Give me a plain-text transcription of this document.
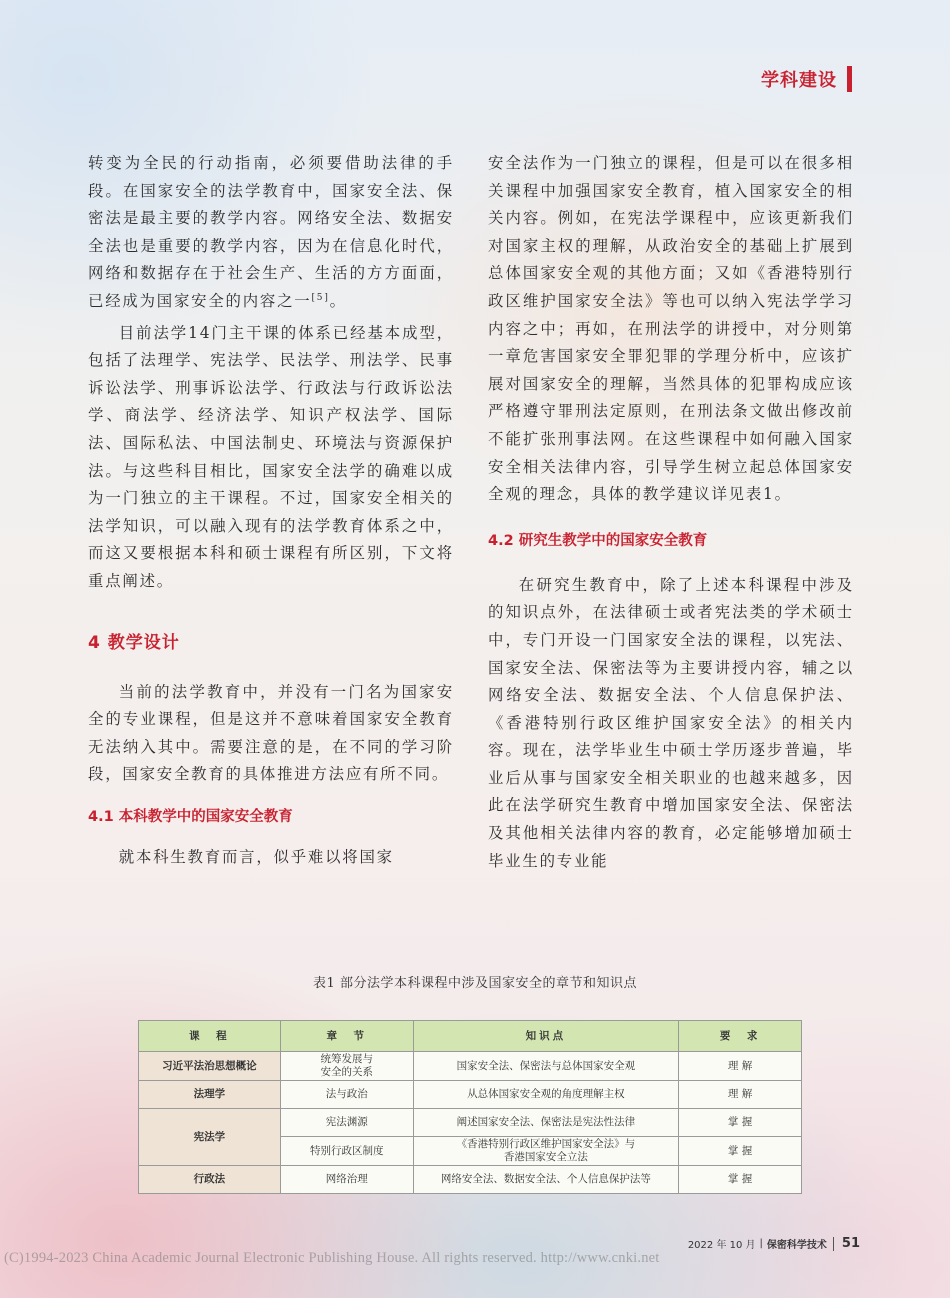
学科建设

转变为全民的行动指南，必须要借助法律的手段。在国家安全的法学教育中，国家安全法、保密法是最主要的教学内容。网络安全法、数据安全法也是重要的教学内容，因为在信息化时代，网络和数据存在于社会生产、生活的方方面面，已经成为国家安全的内容之一[5]。

目前法学14门主干课的体系已经基本成型，包括了法理学、宪法学、民法学、刑法学、民事诉讼法学、刑事诉讼法学、行政法与行政诉讼法学、商法学、经济法学、知识产权法学、国际法、国际私法、中国法制史、环境法与资源保护法。与这些科目相比，国家安全法学的确难以成为一门独立的主干课程。不过，国家安全相关的法学知识，可以融入现有的法学教育体系之中，而这又要根据本科和硕士课程有所区别，下文将重点阐述。

4 教学设计

当前的法学教育中，并没有一门名为国家安全的专业课程，但是这并不意味着国家安全教育无法纳入其中。需要注意的是，在不同的学习阶段，国家安全教育的具体推进方法应有所不同。

4.1 本科教学中的国家安全教育

就本科生教育而言，似乎难以将国家

安全法作为一门独立的课程，但是可以在很多相关课程中加强国家安全教育，植入国家安全的相关内容。例如，在宪法学课程中，应该更新我们对国家主权的理解，从政治安全的基础上扩展到总体国家安全观的其他方面；又如《香港特别行政区维护国家安全法》等也可以纳入宪法学学习内容之中；再如，在刑法学的讲授中，对分则第一章危害国家安全罪犯罪的学理分析中，应该扩展对国家安全的理解，当然具体的犯罪构成应该严格遵守罪刑法定原则，在刑法条文做出修改前不能扩张刑事法网。在这些课程中如何融入国家安全相关法律内容，引导学生树立起总体国家安全观的理念，具体的教学建议详见表1。

4.2 研究生教学中的国家安全教育

在研究生教育中，除了上述本科课程中涉及的知识点外，在法律硕士或者宪法类的学术硕士中，专门开设一门国家安全法的课程，以宪法、国家安全法、保密法等为主要讲授内容，辅之以网络安全法、数据安全法、个人信息保护法、《香港特别行政区维护国家安全法》的相关内容。现在，法学毕业生中硕士学历逐步普遍，毕业后从事与国家安全相关职业的也越来越多，因此在法学研究生教育中增加国家安全法、保密法及其他相关法律内容的教育，必定能够增加硕士毕业生的专业能

表1 部分法学本科课程中涉及国家安全的章节和知识点
课　程	章　节	知识点	要　求
习近平法治思想概论	统筹发展与
安全的关系	国家安全法、保密法与总体国家安全观	理 解
法理学	法与政治	从总体国家安全观的角度理解主权	理 解
宪法学	宪法渊源	阐述国家安全法、保密法是宪法性法律	掌 握
	特别行政区制度	《香港特别行政区维护国家安全法》与
香港国家安全立法	掌 握
行政法	网络治理	网络安全法、数据安全法、个人信息保护法等	掌 握
2022 年 10 月 | 保密科学技术 51
(C)1994-2023 China Academic Journal Electronic Publishing House. All rights reserved. http://www.cnki.net
